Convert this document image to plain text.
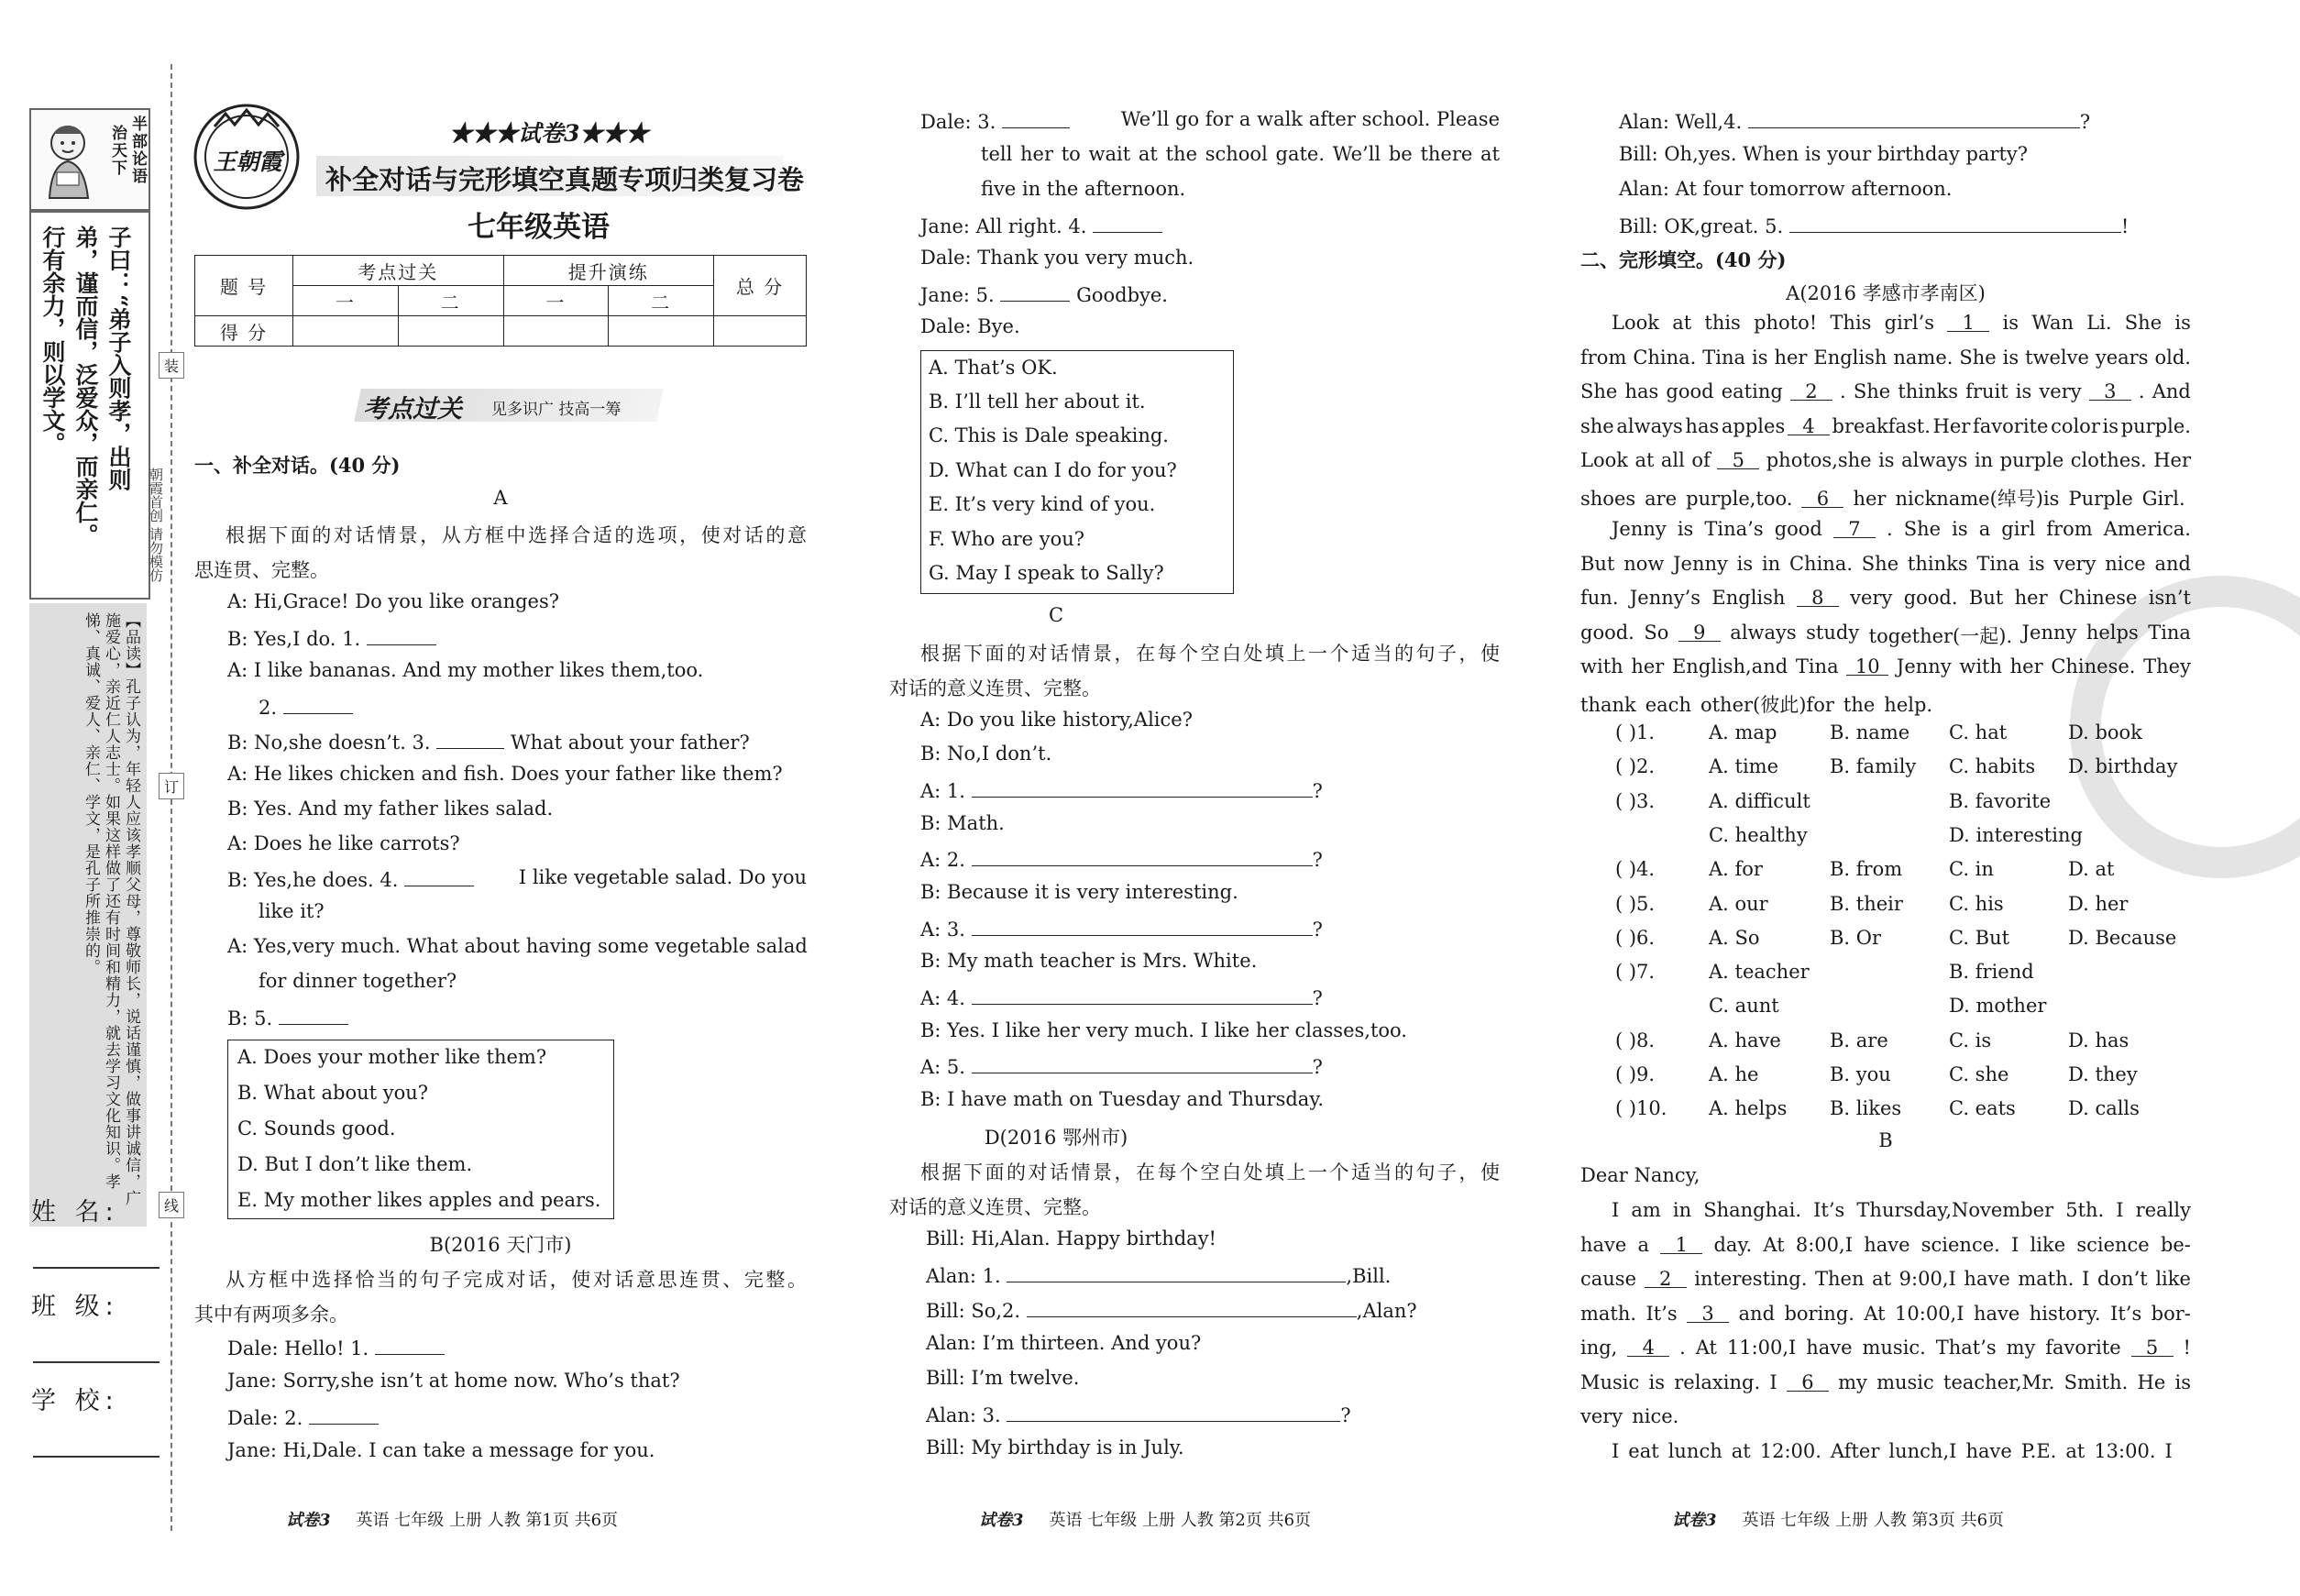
半部论语
治天下
子曰：“弟子入则孝，出则
弟，谨而信，泛爱众，而亲仁。
行有余力，则以学文。
【品读】孔子认为，年轻人应该孝顺父母，尊敬师长，说话谨慎，做事讲诚信，广施爱心，亲近仁人志士。如果这样做了还有时间和精力，就去学习文化知识。孝悌、真诚、爱人、亲仁、学文，是孔子所推崇的。
朝霞首创 请勿模仿
装
订
线
姓 名:
班 级:
学 校:
王朝霞
★★★试卷3★★★
补全对话与完形填空真题专项归类复习卷
七年级英语
题 号	考点过关		提升演练		总 分
	一	二	一	二	
得 分					
考点过关 见多识广 技高一筹
一、补全对话。(40 分)
A
根据下面的对话情景，从方框中选择合适的选项，使对话的意
思连贯、完整。
A: Hi,Grace! Do you like oranges?
B: Yes,I do. 1.
A: I like bananas. And my mother likes them,too.
2.
B: No,she doesn’t. 3.	What about your father?
A: He likes chicken and fish. Does your father like them?
B: Yes. And my father likes salad.
A: Does he like carrots?
B: Yes,he does. 4.	I like vegetable salad. Do you
like it?
A: Yes,very much. What about having some vegetable salad
for dinner together?
B: 5.
A. Does your mother like them?
B. What about you?
C. Sounds good.
D. But I don’t like them.
E. My mother likes apples and pears.
B(2016 天门市)
从方框中选择恰当的句子完成对话，使对话意思连贯、完整。
其中有两项多余。
Dale: Hello! 1.
Jane: Sorry,she isn’t at home now. Who’s that?
Dale: 2.
Jane: Hi,Dale. I can take a message for you.
试卷3 英语 七年级 上册 人教 第1页 共6页
Dale: 3.	We’ll go for a walk after school. Please
tell her to wait at the school gate. We’ll be there at
five in the afternoon.
Jane: All right. 4.
Dale: Thank you very much.
Jane: 5.	Goodbye.
Dale: Bye.
A. That’s OK.
B. I’ll tell her about it.
C. This is Dale speaking.
D. What can I do for you?
E. It’s very kind of you.
F. Who are you?
G. May I speak to Sally?
C
根据下面的对话情景，在每个空白处填上一个适当的句子，使
对话的意义连贯、完整。
A: Do you like history,Alice?
B: No,I don’t.
A: 1.	?
B: Math.
A: 2.	?
B: Because it is very interesting.
A: 3.	?
B: My math teacher is Mrs. White.
A: 4.	?
B: Yes. I like her very much. I like her classes,too.
A: 5.	?
B: I have math on Tuesday and Thursday.
D(2016 鄂州市)
根据下面的对话情景，在每个空白处填上一个适当的句子，使
对话的意义连贯、完整。
Bill: Hi,Alan. Happy birthday!
Alan: 1.	,Bill.
Bill: So,2.	,Alan?
Alan: I’m thirteen. And you?
Bill: I’m twelve.
Alan: 3.	?
Bill: My birthday is in July.
试卷3 英语 七年级 上册 人教 第2页 共6页
Alan: Well,4.	?
Bill: Oh,yes. When is your birthday party?
Alan: At four tomorrow afternoon.
Bill: OK,great. 5.	!
二、完形填空。(40 分)
A(2016 孝感市孝南区)
Look at this photo! This girl’s	1	is Wan Li. She is
from China. Tina is her English name. She is twelve years old.
She has good eating	2	. She thinks fruit is very	3	. And
she always has apples 4 breakfast. Her favorite color is purple.
Look at all of	5	photos,she is always in purple clothes. Her
shoes are purple,too. 6 her nickname(绰号)is Purple Girl.
Jenny is Tina’s good	7	. She is a girl from America.
But now Jenny is in China. She thinks Tina is very nice and
fun. Jenny’s English	8	very good. But her Chinese isn’t
good. So	9	always study together(一起). Jenny helps Tina
with her English,and Tina 10 Jenny with her Chinese. They
thank each other(彼此)for the help.
( )1.	A. map	B. name C. hat	D. book
( )2.	A. time	B. family C. habits D. birthday
( )3.	A. difficult	B. favorite
C. healthy	D. interesting
( )4.	A. for	B. from C. in	D. at
( )5.	A. our	B. their C. his	D. her
( )6.	A. So	B. Or	C. But	D. Because
( )7.	A. teacher	B. friend
C. aunt	D. mother
( )8.	A. have	B. are	C. is	D. has
( )9.	A. he	B. you	C. she	D. they
( )10. A. helps B. likes C. eats	D. calls
B
Dear Nancy,
I am in Shanghai. It’s Thursday,November 5th. I really
have a	1	day. At 8:00,I have science. I like science be-
cause	2	interesting. Then at 9:00,I have math. I don’t like
math. It’s	3	and boring. At 10:00,I have history. It’s bor-
ing,	4	. At 11:00,I have music. That’s my favorite	5	!
Music is relaxing. I	6	my music teacher,Mr. Smith. He is
very nice.
I eat lunch at 12:00. After lunch,I have P.E. at 13:00. I
试卷3 英语 七年级 上册 人教 第3页 共6页
